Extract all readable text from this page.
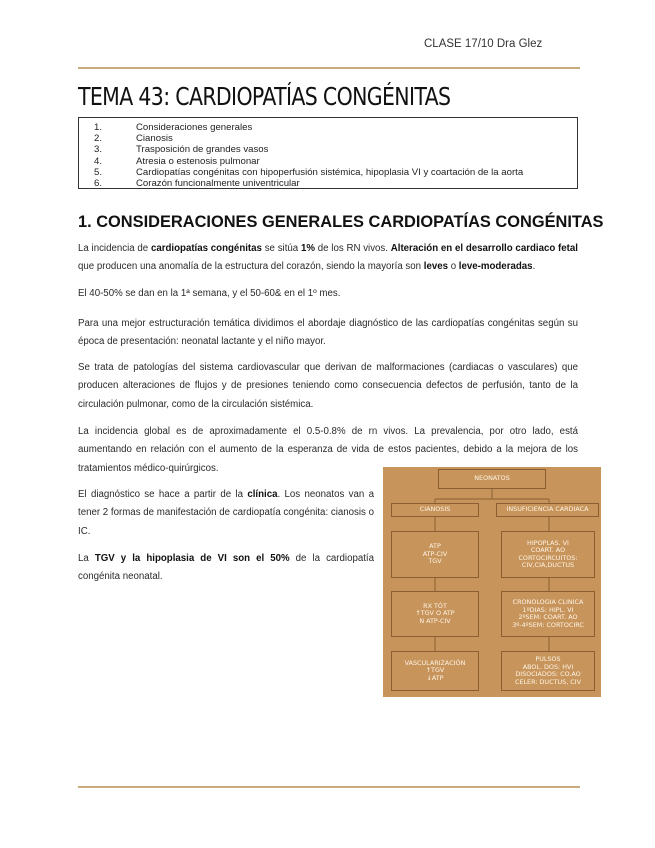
CLASE 17/10 Dra Glez
TEMA 43: CARDIOPATÍAS CONGÉNITAS
1.	Consideraciones generales
2.	Cianosis
3.	Trasposición de grandes vasos
4.	Atresia o estenosis pulmonar
5.	Cardiopatías congénitas con hipoperfusión sistémica, hipoplasia VI y coartación de la aorta
6.	Corazón funcionalmente univentricular
1. CONSIDERACIONES GENERALES CARDIOPATÍAS CONGÉNITAS

La incidencia de cardiopatías congénitas se sitúa 1% de los RN vivos. Alteración en el desarrollo cardiaco fetal que producen una anomalía de la estructura del corazón, siendo la mayoría son leves o leve-moderadas.

El 40-50% se dan en la 1ª semana, y el 50-60& en el 1º mes.

Para una mejor estructuración temática dividimos el abordaje diagnóstico de las cardiopatías congénitas según su época de presentación: neonatal lactante y el niño mayor.

Se trata de patologías del sistema cardiovascular que derivan de malformaciones (cardiacas o vasculares) que producen alteraciones de flujos y de presiones teniendo como consecuencia defectos de perfusión, tanto de la circulación pulmonar, como de la circulación sistémica.

La incidencia global es de aproximadamente el 0.5-0.8% de rn vivos. La prevalencia, por otro lado, está aumentando en relación con el aumento de la esperanza de vida de estos pacientes, debido a la mejora de los tratamientos médico-quirúrgicos.

El diagnóstico se hace a partir de la clínica. Los neonatos van a tener 2 formas de manifestación de cardiopatía congénita: cianosis o IC.

La TGV y la hipoplasia de VI son el 50% de la cardiopatía congénita neonatal.

NEONATOS
CIANOSIS	INSUFICIENCIA CARDIACA
ATP
ATP-CIV
TGV
HIPOPLAS. VI
COART. AO
CORTOCIRCUITOS:
CIV,CIA,DUCTUS
RX TÓT
↑TGV O ATP
N ATP-CIV
CRONOLOGIA CLINICA
1ºDIAS: HIPL. VI
2ºSEM: COART. AO
3º-4ºSEM: CORTOCIRC
VASCULARIZACIÓN
↑TGV
↓ATP
PULSOS
ABOL. DOS: HVI
DISOCIADOS: CO.AO
CELER: DUCTUS, CIV
